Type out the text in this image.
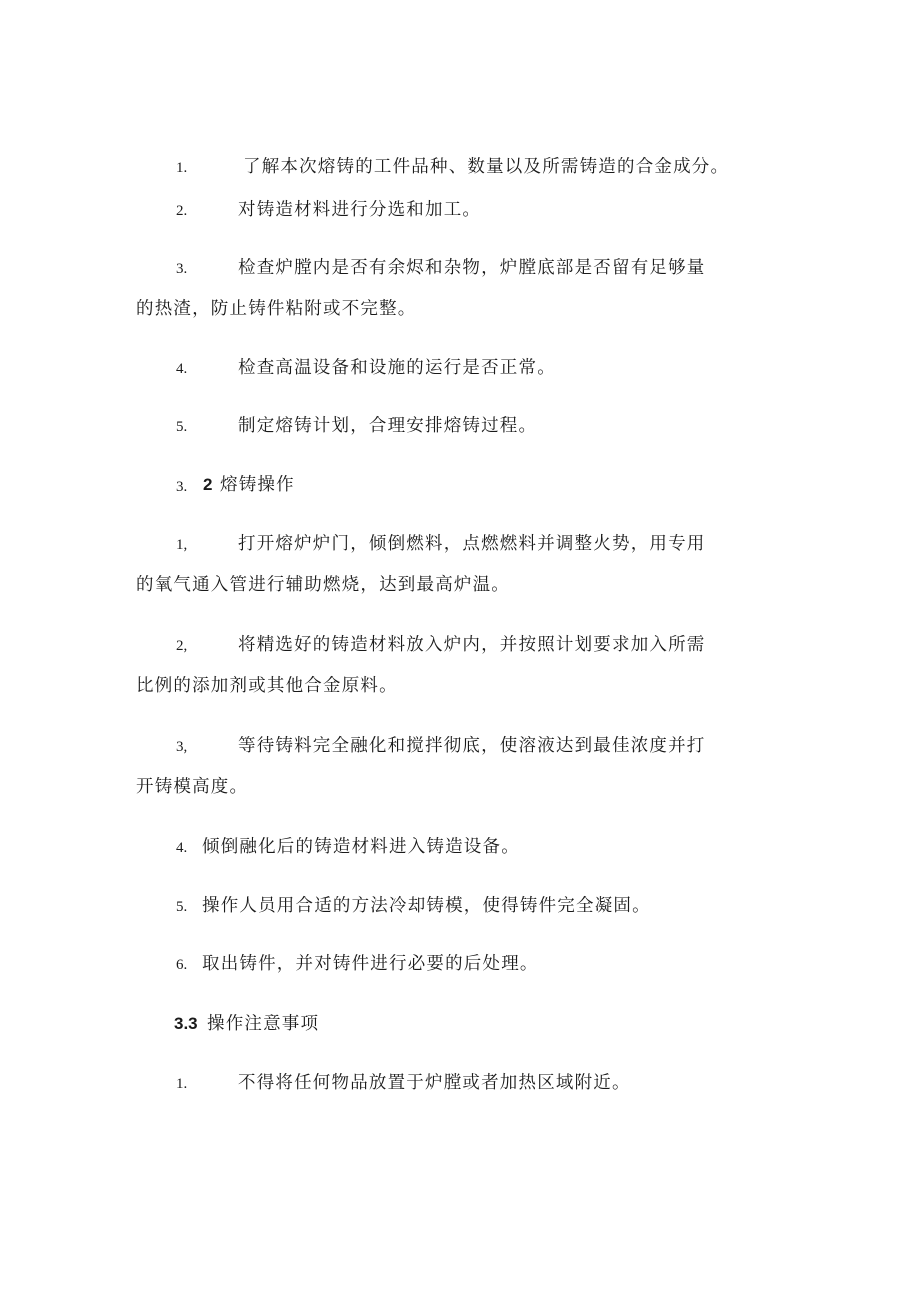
1.	了解本次熔铸的工件品种、数量以及所需铸造的合金成分。
2.	对铸造材料进行分选和加工。
3.	检查炉膛内是否有余烬和杂物，炉膛底部是否留有足够量
的热渣，防止铸件粘附或不完整。
4.	检查高温设备和设施的运行是否正常。
5.	制定熔铸计划，合理安排熔铸过程。
3. 2 熔铸操作
1,	打开熔炉炉门，倾倒燃料，点燃燃料并调整火势，用专用
的氧气通入管进行辅助燃烧，达到最高炉温。
2,	将精选好的铸造材料放入炉内，并按照计划要求加入所需
比例的添加剂或其他合金原料。
3,	等待铸料完全融化和搅拌彻底，使溶液达到最佳浓度并打
开铸模高度。
4. 倾倒融化后的铸造材料进入铸造设备。
5. 操作人员用合适的方法冷却铸模，使得铸件完全凝固。
6. 取出铸件，并对铸件进行必要的后处理。
3.3 操作注意事项
1.	不得将任何物品放置于炉膛或者加热区域附近。
